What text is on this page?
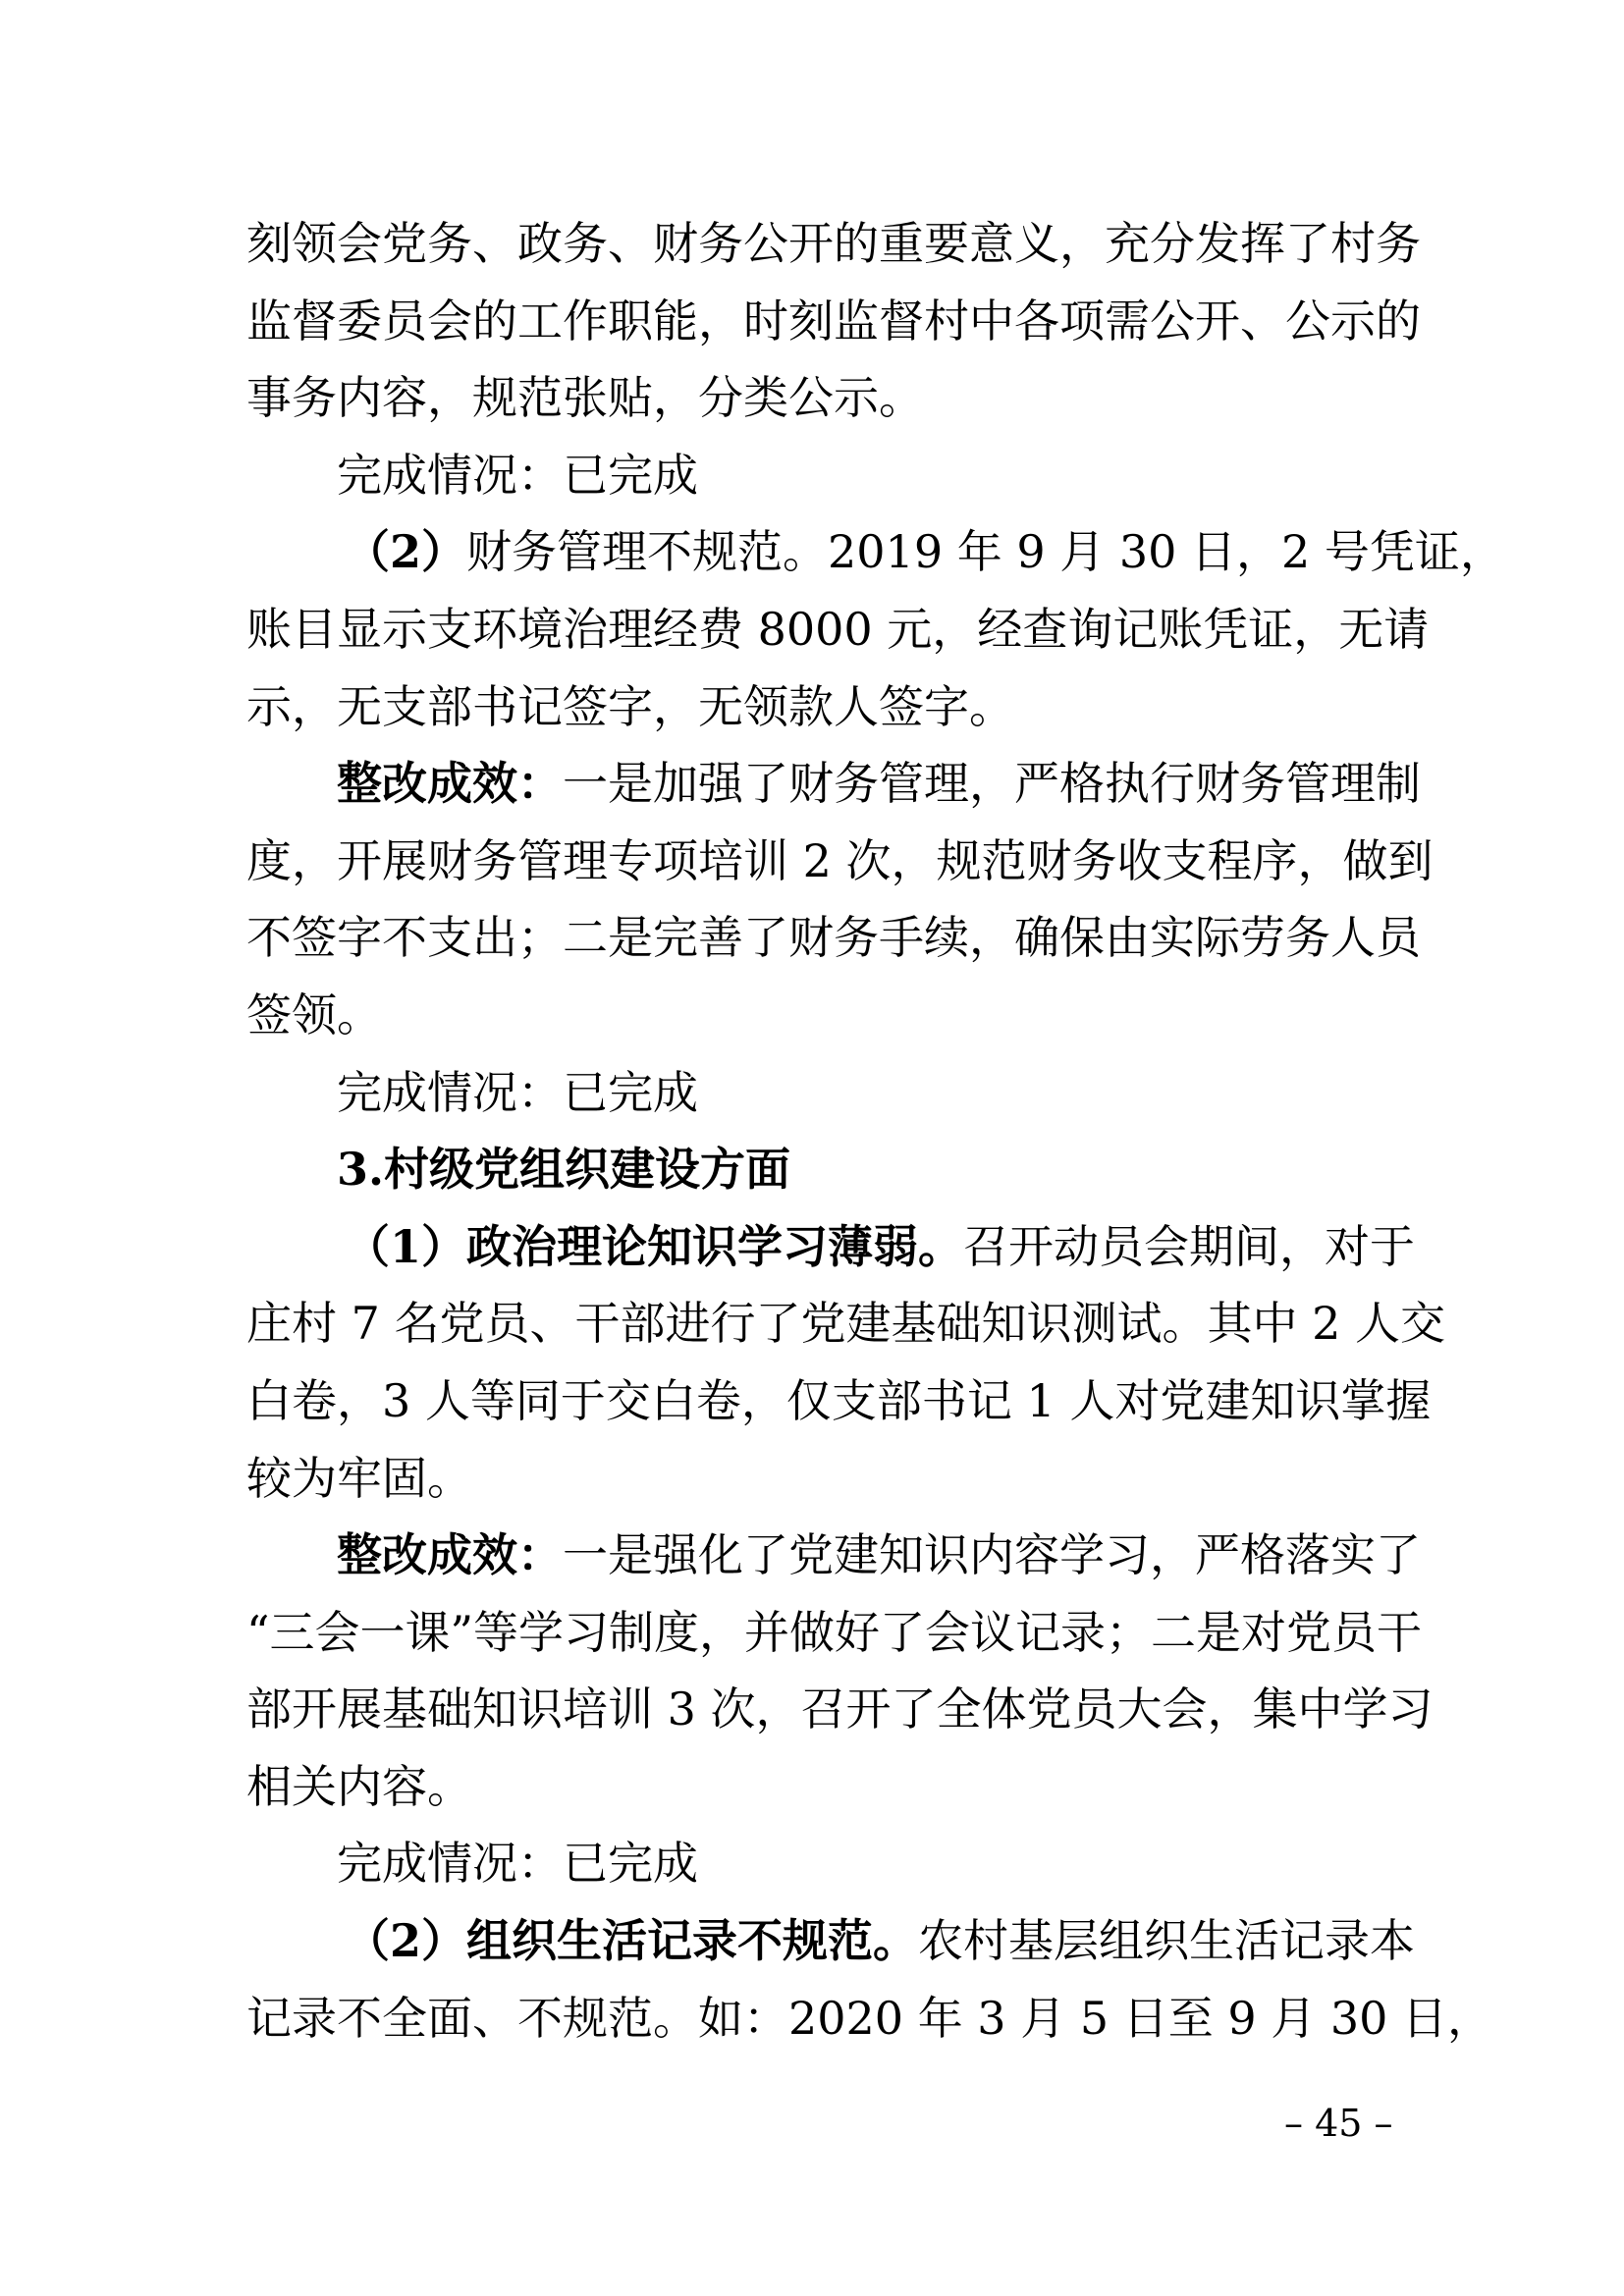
刻领会党务、政务、财务公开的重要意义，充分发挥了村务
监督委员会的工作职能，时刻监督村中各项需公开、公示的
事务内容，规范张贴，分类公示。
完成情况：已完成
（2）财务管理不规范。2019 年 9 月 30 日，2 号凭证，
账目显示支环境治理经费 8000 元，经查询记账凭证，无请
示，无支部书记签字，无领款人签字。
整改成效：一是加强了财务管理，严格执行财务管理制
度，开展财务管理专项培训 2 次，规范财务收支程序，做到
不签字不支出；二是完善了财务手续，确保由实际劳务人员
签领。
完成情况：已完成
3.村级党组织建设方面
（1）政治理论知识学习薄弱。召开动员会期间，对于
庄村 7 名党员、干部进行了党建基础知识测试。其中 2 人交
白卷，3 人等同于交白卷，仅支部书记 1 人对党建知识掌握
较为牢固。
整改成效：一是强化了党建知识内容学习，严格落实了
“三会一课”等学习制度，并做好了会议记录；二是对党员干
部开展基础知识培训 3 次，召开了全体党员大会，集中学习
相关内容。
完成情况：已完成
（2）组织生活记录不规范。农村基层组织生活记录本
记录不全面、不规范。如：2020 年 3 月 5 日至 9 月 30 日，
– 45 –
